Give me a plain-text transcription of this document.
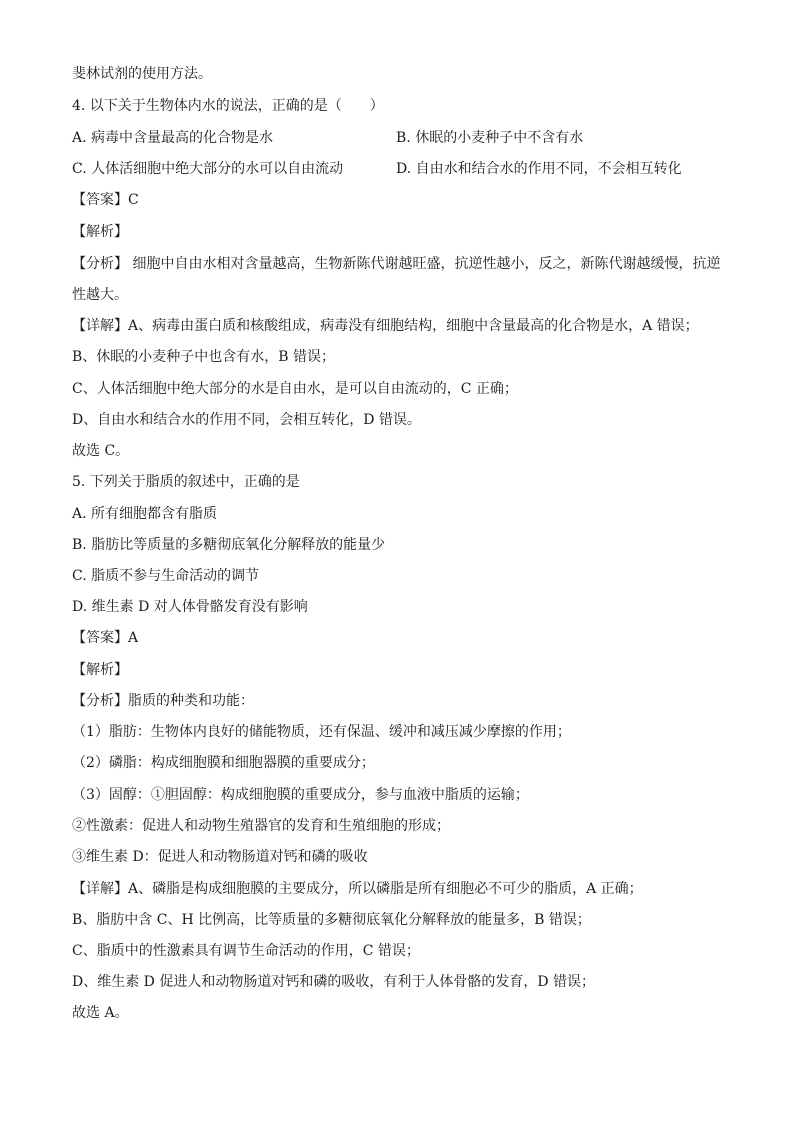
斐林试剂的使用方法。
4. 以下关于生物体内水的说法，正确的是（　　）
A. 病毒中含量最高的化合物是水	B. 休眠的小麦种子中不含有水
C. 人体活细胞中绝大部分的水可以自由流动	D. 自由水和结合水的作用不同，不会相互转化
【答案】C
【解析】
【分析】 细胞中自由水相对含量越高，生物新陈代谢越旺盛，抗逆性越小，反之，新陈代谢越缓慢，抗逆性越大。
【详解】A、病毒由蛋白质和核酸组成，病毒没有细胞结构，细胞中含量最高的化合物是水，A 错误；
B、休眠的小麦种子中也含有水，B 错误；
C、人体活细胞中绝大部分的水是自由水，是可以自由流动的，C 正确；
D、自由水和结合水的作用不同，会相互转化，D 错误。
故选 C。
5. 下列关于脂质的叙述中，正确的是
A. 所有细胞都含有脂质
B. 脂肪比等质量的多糖彻底氧化分解释放的能量少
C. 脂质不参与生命活动的调节
D. 维生素 D 对人体骨骼发育没有影响
【答案】A
【解析】
【分析】脂质的种类和功能：
（1）脂肪：生物体内良好的储能物质，还有保温、缓冲和减压减少摩擦的作用；
（2）磷脂：构成细胞膜和细胞器膜的重要成分；
（3）固醇：①胆固醇：构成细胞膜的重要成分，参与血液中脂质的运输；
②性激素：促进人和动物生殖器官的发育和生殖细胞的形成；
③维生素 D：促进人和动物肠道对钙和磷的吸收
【详解】A、磷脂是构成细胞膜的主要成分，所以磷脂是所有细胞必不可少的脂质，A 正确；
B、脂肪中含 C、H 比例高，比等质量的多糖彻底氧化分解释放的能量多，B 错误；
C、脂质中的性激素具有调节生命活动的作用，C 错误；
D、维生素 D 促进人和动物肠道对钙和磷的吸收，有利于人体骨骼的发育，D 错误；
故选 A。
